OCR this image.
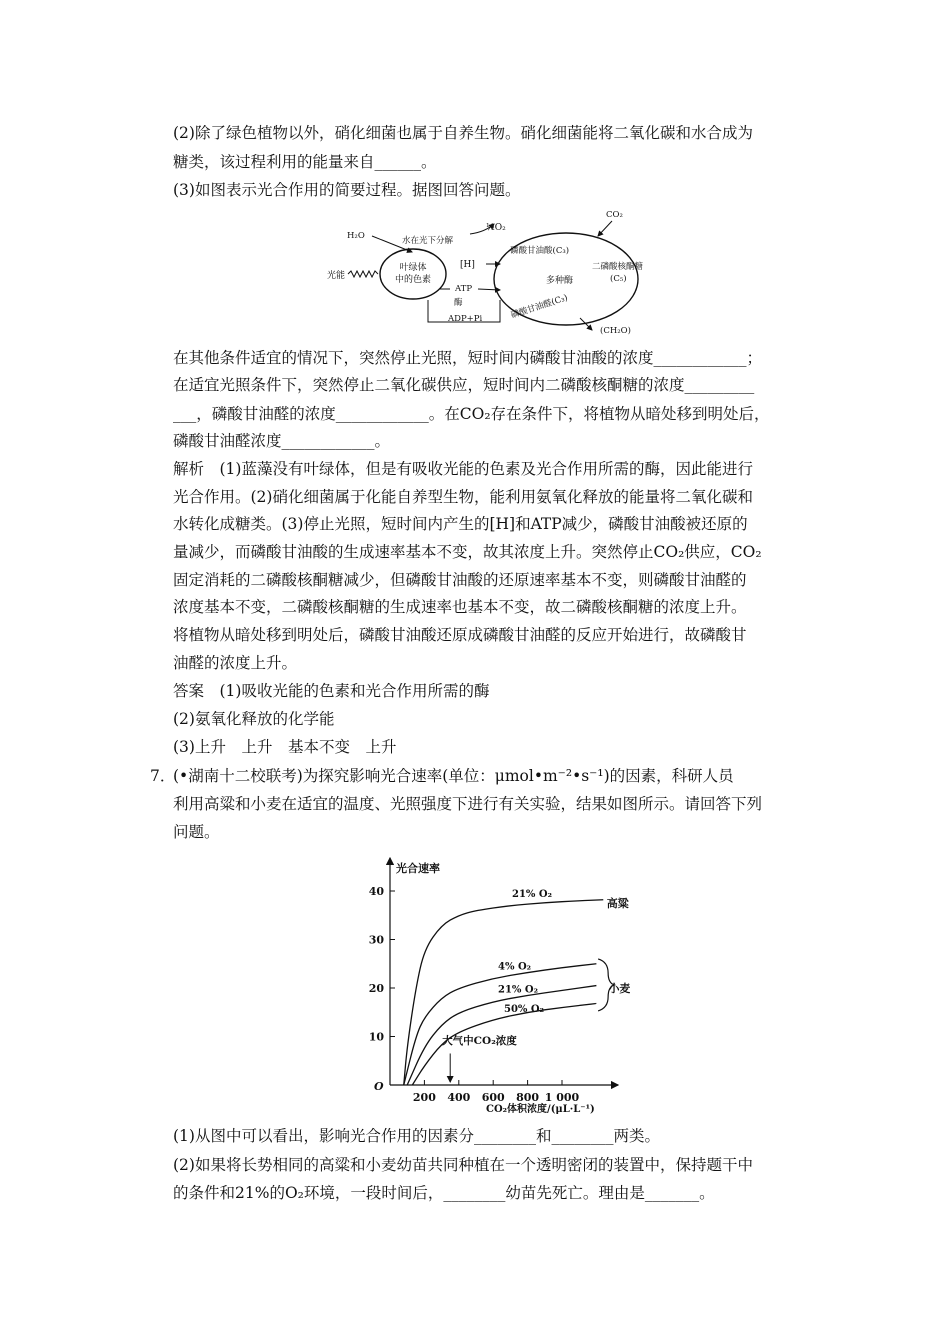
(2)除了绿色植物以外，硝化细菌也属于自养生物。硝化细菌能将二氧化碳和水合成为
糖类，该过程利用的能量来自______。
(3)如图表示光合作用的简要过程。据图回答问题。
叶绿体
中的色素
光能
H₂O	水在光下分解
½O₂
[H]
ATP
酶
ADP+Pi
多种酶
磷酸甘油酸(C₃)
二磷酸核酮糖
(C₅)
磷酸甘油醛(C₃)
CO₂
(CH₂O)
在其他条件适宜的情况下，突然停止光照，短时间内磷酸甘油酸的浓度____________；
在适宜光照条件下，突然停止二氧化碳供应，短时间内二磷酸核酮糖的浓度_________
___，磷酸甘油醛的浓度____________。在CO₂存在条件下，将植物从暗处移到明处后，
磷酸甘油醛浓度____________。
解析　(1)蓝藻没有叶绿体，但是有吸收光能的色素及光合作用所需的酶，因此能进行
光合作用。(2)硝化细菌属于化能自养型生物，能利用氨氧化释放的能量将二氧化碳和
水转化成糖类。(3)停止光照，短时间内产生的[H]和ATP减少，磷酸甘油酸被还原的
量减少，而磷酸甘油酸的生成速率基本不变，故其浓度上升。突然停止CO₂供应，CO₂
固定消耗的二磷酸核酮糖减少，但磷酸甘油酸的还原速率基本不变，则磷酸甘油醛的
浓度基本不变，二磷酸核酮糖的生成速率也基本不变，故二磷酸核酮糖的浓度上升。
将植物从暗处移到明处后，磷酸甘油酸还原成磷酸甘油醛的反应开始进行，故磷酸甘
油醛的浓度上升。
答案　(1)吸收光能的色素和光合作用所需的酶
(2)氨氧化释放的化学能
(3)上升　上升　基本不变　上升
7．
(•湖南十二校联考)为探究影响光合速率(单位：μmol•m⁻²•s⁻¹)的因素，科研人员
利用高粱和小麦在适宜的温度、光照强度下进行有关实验，结果如图所示。请回答下列
问题。
光合速率
CO₂体积浓度/(μL·L⁻¹)
O
10
20
30
40
200 400 600 800 1 000
21% O₂
4% O₂
21% O₂
50% O₂
高粱
小麦
大气中CO₂浓度
(1)从图中可以看出，影响光合作用的因素分________和________两类。
(2)如果将长势相同的高粱和小麦幼苗共同种植在一个透明密闭的装置中，保持题干中
的条件和21%的O₂环境，一段时间后，________幼苗先死亡。理由是_______。
